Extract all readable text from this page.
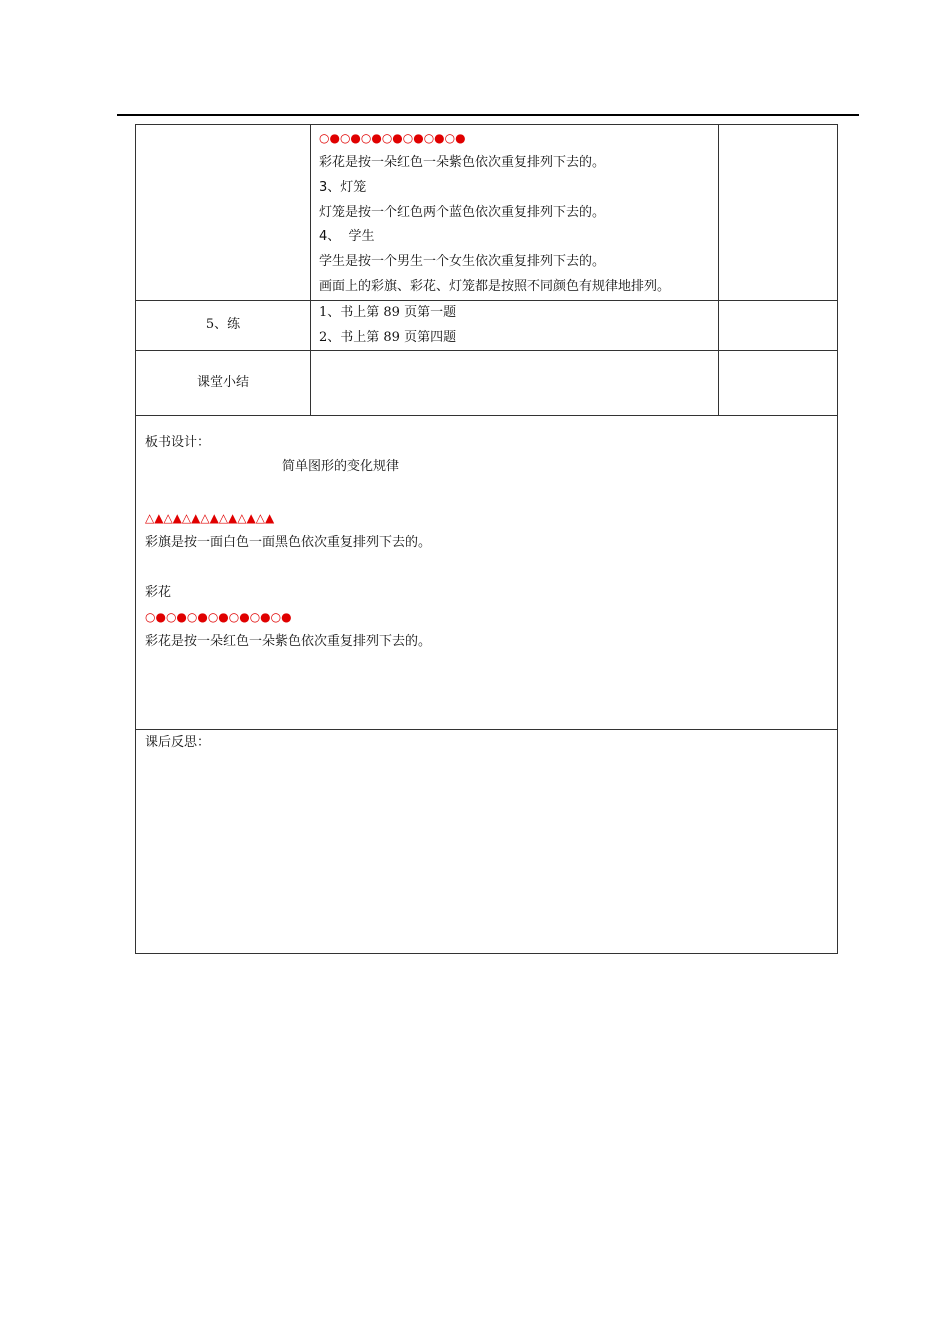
○●○●○●○●○●○●○●
彩花是按一朵红色一朵紫色依次重复排列下去的。
3、灯笼
灯笼是按一个红色两个蓝色依次重复排列下去的。
4、 学生
学生是按一个男生一个女生依次重复排列下去的。
画面上的彩旗、彩花、灯笼都是按照不同颜色有规律地排列。
5、练
1、书上第 89 页第一题
2、书上第 89 页第四题
课堂小结
板书设计：
简单图形的变化规律
△▲△▲△▲△▲△▲△▲△▲
彩旗是按一面白色一面黑色依次重复排列下去的。
彩花
○●○●○●○●○●○●○●
彩花是按一朵红色一朵紫色依次重复排列下去的。
课后反思：
